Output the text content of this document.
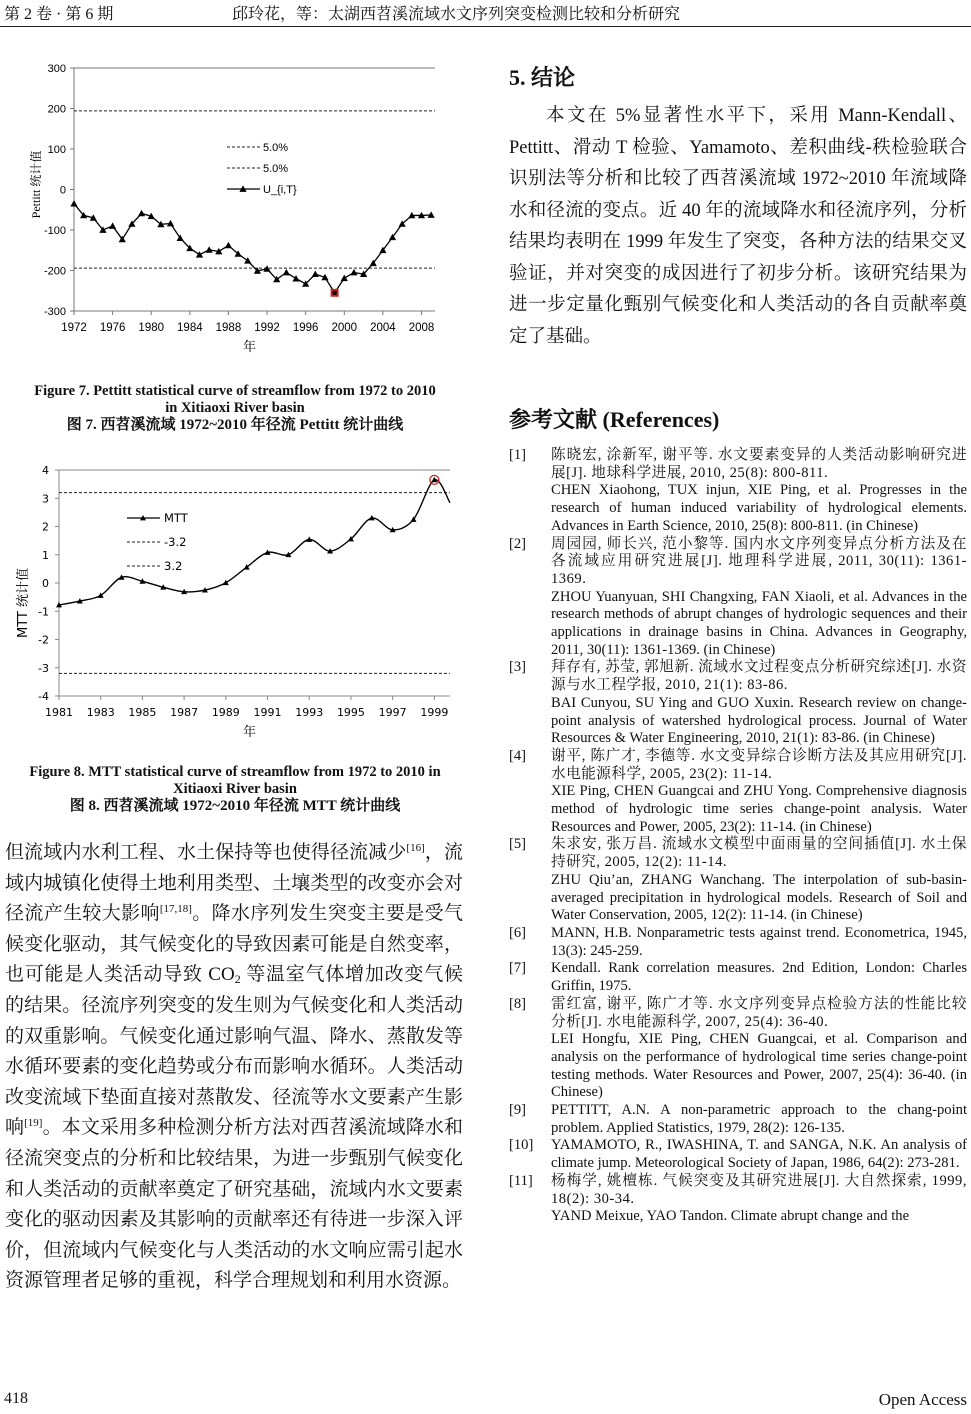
第 2 卷 · 第 6 期	邱玲花，等：太湖西苕溪流域水文序列突变检测比较和分析研究
300
200
100
0
-100
-200
-300
1972 1976 1980 1984 1988 1992 1996 2000 2004 2008
年
Pettitt 统计值
5.0%
5.0%
U_{i,T}
Figure 7. Pettitt statistical curve of streamflow from 1972 to 2010
in Xitiaoxi River basin
图 7. 西苕溪流域 1972~2010 年径流 Pettitt 统计曲线
4
3
2
1
0
-1
-2
-3
-4
1981 1983 1985 1987 1989 1991 1993 1995 1997 1999
年
MTT 统计值
MTT
-3.2
3.2
Figure 8. MTT statistical curve of streamflow from 1972 to 2010 in
Xitiaoxi River basin
图 8. 西苕溪流域 1972~2010 年径流 MTT 统计曲线

但流域内水利工程、水土保持等也使得径流减少[16]，流域内城镇化使得土地利用类型、土壤类型的改变亦会对径流产生较大影响[17,18]。降水序列发生突变主要是受气候变化驱动，其气候变化的导致因素可能是自然变率，也可能是人类活动导致 $CO_2$ 等温室气体增加改变气候的结果。径流序列突变的发生则为气候变化和人类活动的双重影响。气候变化通过影响气温、降水、蒸散发等水循环要素的变化趋势或分布而影响水循环。人类活动改变流域下垫面直接对蒸散发、径流等水文要素产生影响[19]。本文采用多种检测分析方法对西苕溪流域降水和径流突变点的分析和比较结果，为进一步甄别气候变化和人类活动的贡献率奠定了研究基础，流域内水文要素变化的驱动因素及其影响的贡献率还有待进一步深入评价，但流域内气候变化与人类活动的水文响应需引起水资源管理者足够的重视，科学合理规划和利用水资源。

5. 结论

本文在 5%显著性水平下，采用 Mann-Kendall、Pettitt、滑动 T 检验、Yamamoto、差积曲线-秩检验联合识别法等分析和比较了西苕溪流域 1972~2010 年流域降水和径流的变点。近 40 年的流域降水和径流序列，分析结果均表明在 1999 年发生了突变，各种方法的结果交叉验证，并对突变的成因进行了初步分析。该研究结果为进一步定量化甄别气候变化和人类活动的各自贡献率奠定了基础。

参考文献 (References)
[1]	陈晓宏, 涂新军, 谢平等. 水文要素变异的人类活动影响研究进展[J]. 地球科学进展, 2010, 25(8): 800-811.
CHEN Xiaohong, TUX injun, XIE Ping, et al. Progresses in the research of human induced variability of hydrological elements. Advances in Earth Science, 2010, 25(8): 800-811. (in Chinese)
[2]	周园园, 师长兴, 范小黎等. 国内水文序列变异点分析方法及在各流域应用研究进展[J]. 地理科学进展, 2011, 30(11): 1361-1369.
ZHOU Yuanyuan, SHI Changxing, FAN Xiaoli, et al. Advances in the research methods of abrupt changes of hydrologic sequences and their applications in drainage basins in China. Advances in Geography, 2011, 30(11): 1361-1369. (in Chinese)
[3]	拜存有, 苏莹, 郭旭新. 流域水文过程变点分析研究综述[J]. 水资源与水工程学报, 2010, 21(1): 83-86.
BAI Cunyou, SU Ying and GUO Xuxin. Research review on change-point analysis of watershed hydrological process. Journal of Water Resources & Water Engineering, 2010, 21(1): 83-86. (in Chinese)
[4]	谢平, 陈广才, 李德等. 水文变异综合诊断方法及其应用研究[J]. 水电能源科学, 2005, 23(2): 11-14.
XIE Ping, CHEN Guangcai and ZHU Yong. Comprehensive diagnosis method of hydrologic time series change-point analysis. Water Resources and Power, 2005, 23(2): 11-14. (in Chinese)
[5]	朱求安, 张万昌. 流域水文模型中面雨量的空间插值[J]. 水土保持研究, 2005, 12(2): 11-14.
ZHU Qiu’an, ZHANG Wanchang. The interpolation of sub-basin-averaged precipitation in hydrological models. Research of Soil and Water Conservation, 2005, 12(2): 11-14. (in Chinese)
[6]	MANN, H.B. Nonparametric tests against trend. Econometrica, 1945, 13(3): 245-259.
[7]	Kendall. Rank correlation measures. 2nd Edition, London: Charles Griffin, 1975.
[8]	雷红富, 谢平, 陈广才等. 水文序列变异点检验方法的性能比较分析[J]. 水电能源科学, 2007, 25(4): 36-40.
LEI Hongfu, XIE Ping, CHEN Guangcai, et al. Comparison and analysis on the performance of hydrological time series change-point testing methods. Water Resources and Power, 2007, 25(4): 36-40. (in Chinese)
[9]	PETTITT, A.N. A non-parametric approach to the chang-point problem. Applied Statistics, 1979, 28(2): 126-135.
[10]	YAMAMOTO, R., IWASHINA, T. and SANGA, N.K. An analysis of climate jump. Meteorological Society of Japan, 1986, 64(2): 273-281.
[11]	杨梅学, 姚檀栋. 气候突变及其研究进展[J]. 大自然探索, 1999, 18(2): 30-34.
YAND Meixue, YAO Tandon. Climate abrupt change and the
418	Open Access
